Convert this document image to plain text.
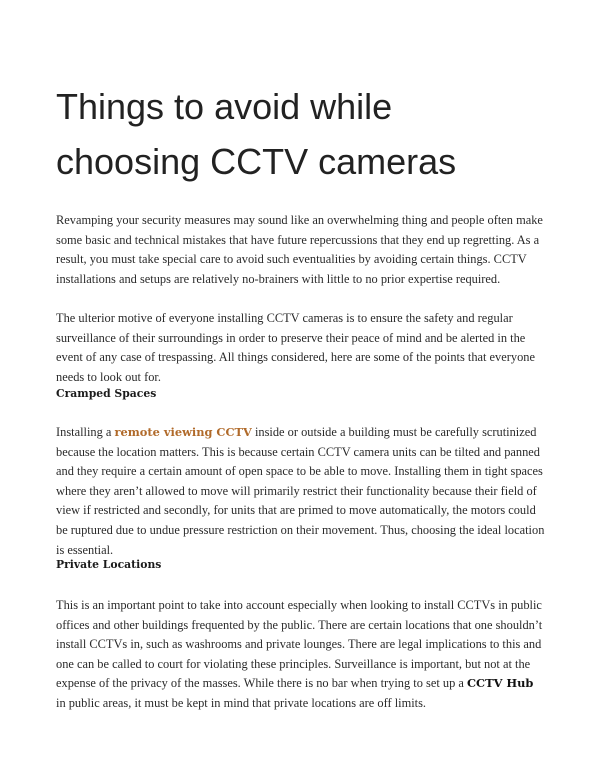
Things to avoid while choosing CCTV cameras

Revamping your security measures may sound like an overwhelming thing and people often make some basic and technical mistakes that have future repercussions that they end up regretting. As a result, you must take special care to avoid such eventualities by avoiding certain things. CCTV installations and setups are relatively no-brainers with little to no prior expertise required.

The ulterior motive of everyone installing CCTV cameras is to ensure the safety and regular surveillance of their surroundings in order to preserve their peace of mind and be alerted in the event of any case of trespassing. All things considered, here are some of the points that everyone needs to look out for.

Cramped Spaces

Installing a remote viewing CCTV inside or outside a building must be carefully scrutinized because the location matters. This is because certain CCTV camera units can be tilted and panned and they require a certain amount of open space to be able to move. Installing them in tight spaces where they aren’t allowed to move will primarily restrict their functionality because their field of view if restricted and secondly, for units that are primed to move automatically, the motors could be ruptured due to undue pressure restriction on their movement. Thus, choosing the ideal location is essential.

Private Locations

This is an important point to take into account especially when looking to install CCTVs in public offices and other buildings frequented by the public. There are certain locations that one shouldn’t install CCTVs in, such as washrooms and private lounges. There are legal implications to this and one can be called to court for violating these principles. Surveillance is important, but not at the expense of the privacy of the masses. While there is no bar when trying to set up a CCTV Hub in public areas, it must be kept in mind that private locations are off limits.
